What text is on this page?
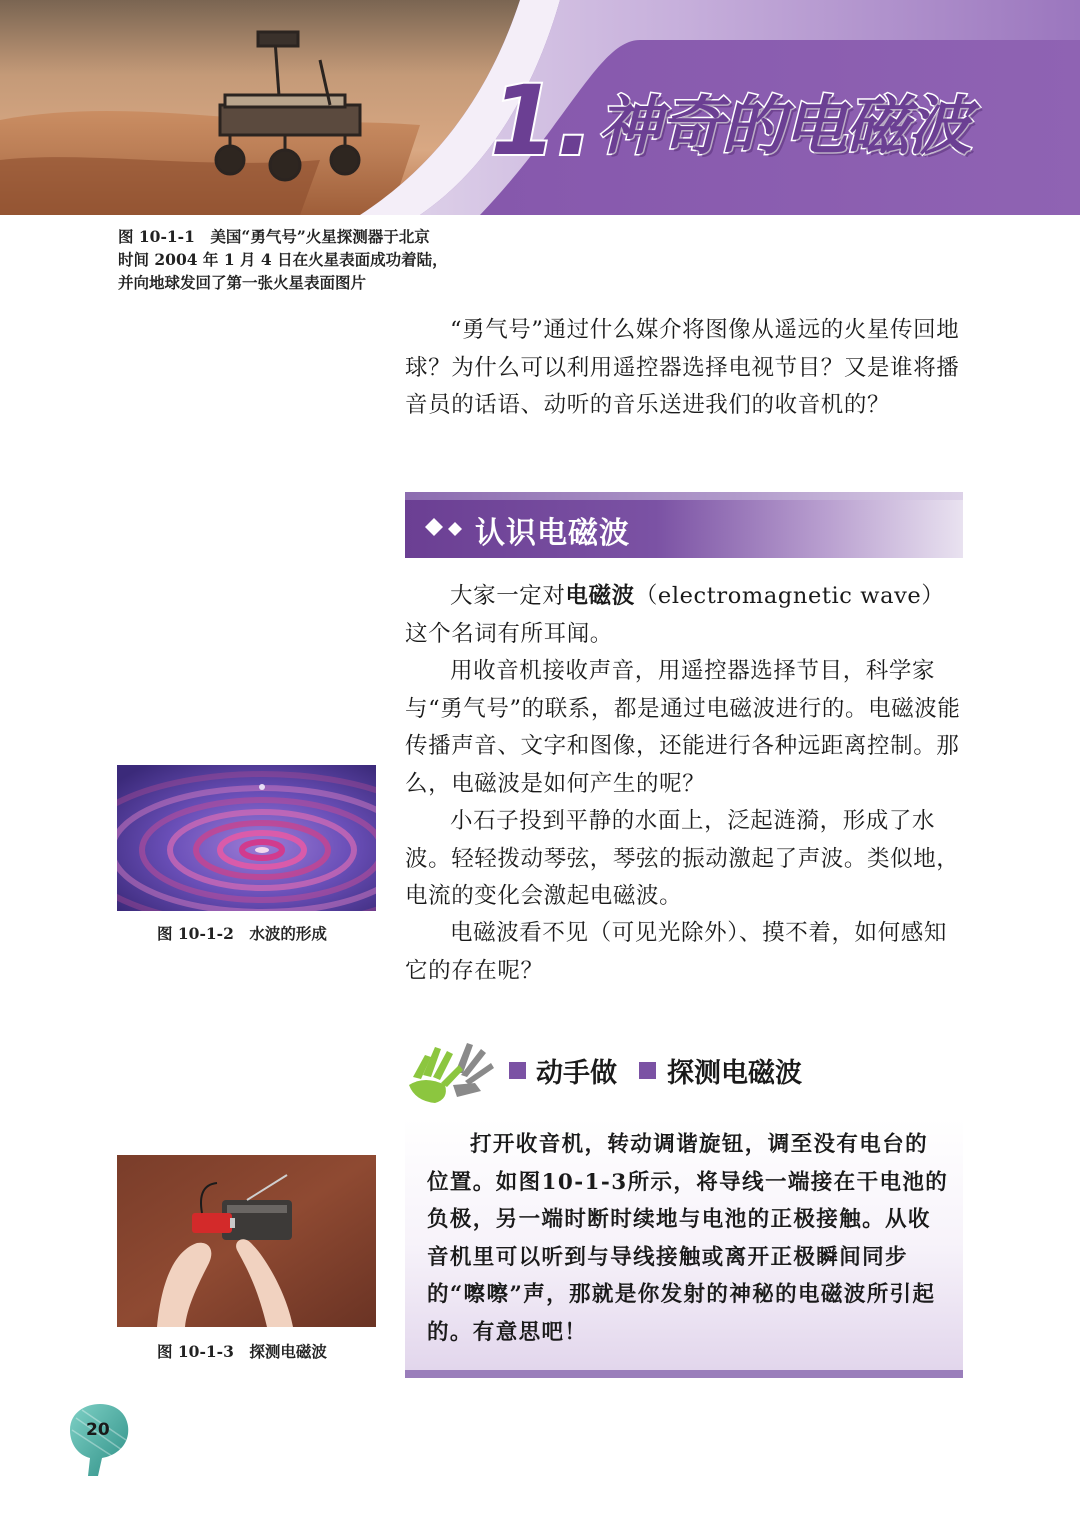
1. 神奇的电磁波
图 10-1-1　美国“勇气号”火星探测器于北京
时间 2004 年 1 月 4 日在火星表面成功着陆，
并向地球发回了第一张火星表面图片
“勇气号”通过什么媒介将图像从遥远的火星传回地球？为什么可以利用遥控器选择电视节目？又是谁将播音员的话语、动听的音乐送进我们的收音机的？
认识电磁波
大家一定对电磁波（electromagnetic wave）这个名词有所耳闻。
用收音机接收声音，用遥控器选择节目，科学家与“勇气号”的联系，都是通过电磁波进行的。电磁波能传播声音、文字和图像，还能进行各种远距离控制。那么，电磁波是如何产生的呢？
小石子投到平静的水面上，泛起涟漪，形成了水波。轻轻拨动琴弦，琴弦的振动激起了声波。类似地，电流的变化会激起电磁波。
电磁波看不见（可见光除外）、摸不着，如何感知它的存在呢？
图 10-1-2　水波的形成
动手做 探测电磁波
打开收音机，转动调谐旋钮，调至没有电台的位置。如图10-1-3所示，将导线一端接在干电池的负极，另一端时断时续地与电池的正极接触。从收音机里可以听到与导线接触或离开正极瞬间同步的“嚓嚓”声，那就是你发射的神秘的电磁波所引起的。有意思吧！
图 10-1-3　探测电磁波
20
